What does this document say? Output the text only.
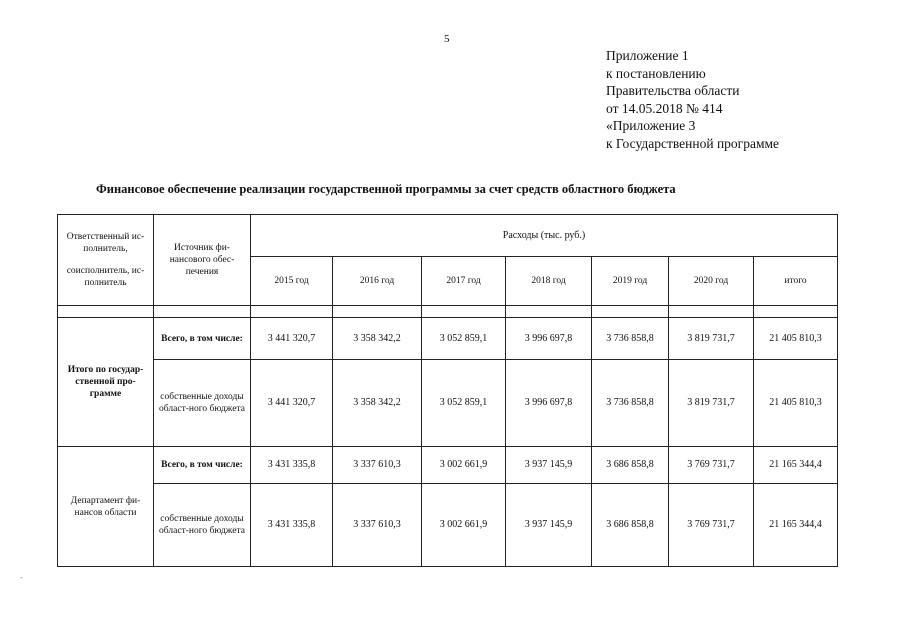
5
Приложение 1
к постановлению
Правительства области
от 14.05.2018 № 414
«Приложение 3
к Государственной программе
Финансовое обеспечение реализации государственной программы за счет средств областного бюджета
Ответственный ис-полнитель,
соисполнитель, ис-полнитель	Источник фи-нансового обес-печения	Расходы (тыс. руб.)						
		2015 год	2016 год	2017 год	2018 год	2019 год	2020 год	итого

Итого по государ-ственной про-грамме	Всего, в том числе:	3 441 320,7	3 358 342,2	3 052 859,1	3 996 697,8	3 736 858,8	3 819 731,7	21 405 810,3
	собственные доходы област-ного бюджета	3 441 320,7	3 358 342,2	3 052 859,1	3 996 697,8	3 736 858,8	3 819 731,7	21 405 810,3
Департамент фи-нансов области	Всего, в том числе:	3 431 335,8	3 337 610,3	3 002 661,9	3 937 145,9	3 686 858,8	3 769 731,7	21 165 344,4
	собственные доходы област-ного бюджета	3 431 335,8	3 337 610,3	3 002 661,9	3 937 145,9	3 686 858,8	3 769 731,7	21 165 344,4
-
